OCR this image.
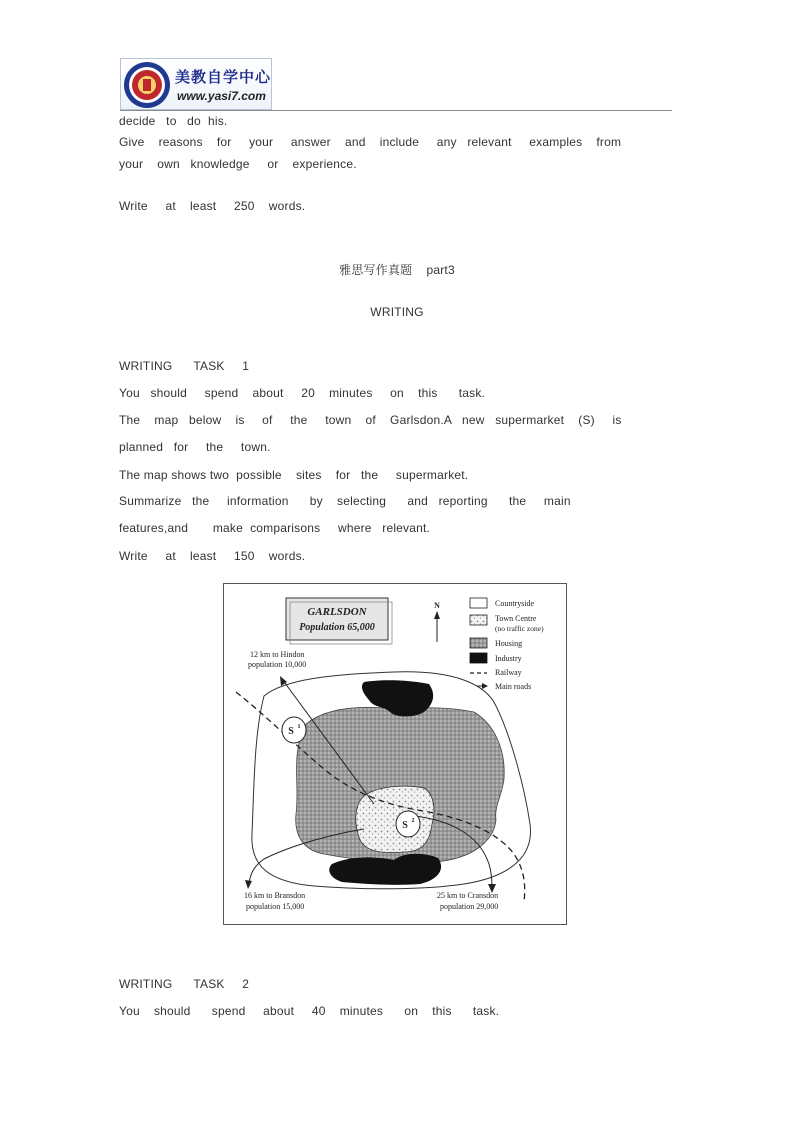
美教自学中心
www.yasi7.com
decide   to   do  his.
Give    reasons    for     your     answer    and    include     any   relevant     examples    from
your    own   knowledge     or    experience.
Write     at    least     250    words.
雅思写作真题    part3
WRITING
WRITING      TASK     1
You   should     spend    about     20    minutes     on    this      task.
The    map   below    is     of     the     town    of    Garlsdon.A   new   supermarket    (S)     is
planned   for     the     town.
The map shows two  possible    sites    for   the     supermarket.
Summarize   the     information      by    selecting      and   reporting      the     main
features,and       make  comparisons     where   relevant.
Write     at    least     150    words.
GARLSDON
Population 65,000
N	Countryside
Town Centre
(no traffic zone)
Housing
Industry
Railway
Main roads
12 km to Hindon
population 10,000
S 1
S 2
16 km to Bransdon
population 15,000
25 km to Cransdon
population 29,000
WRITING      TASK     2
You    should      spend     about     40    minutes      on    this      task.
